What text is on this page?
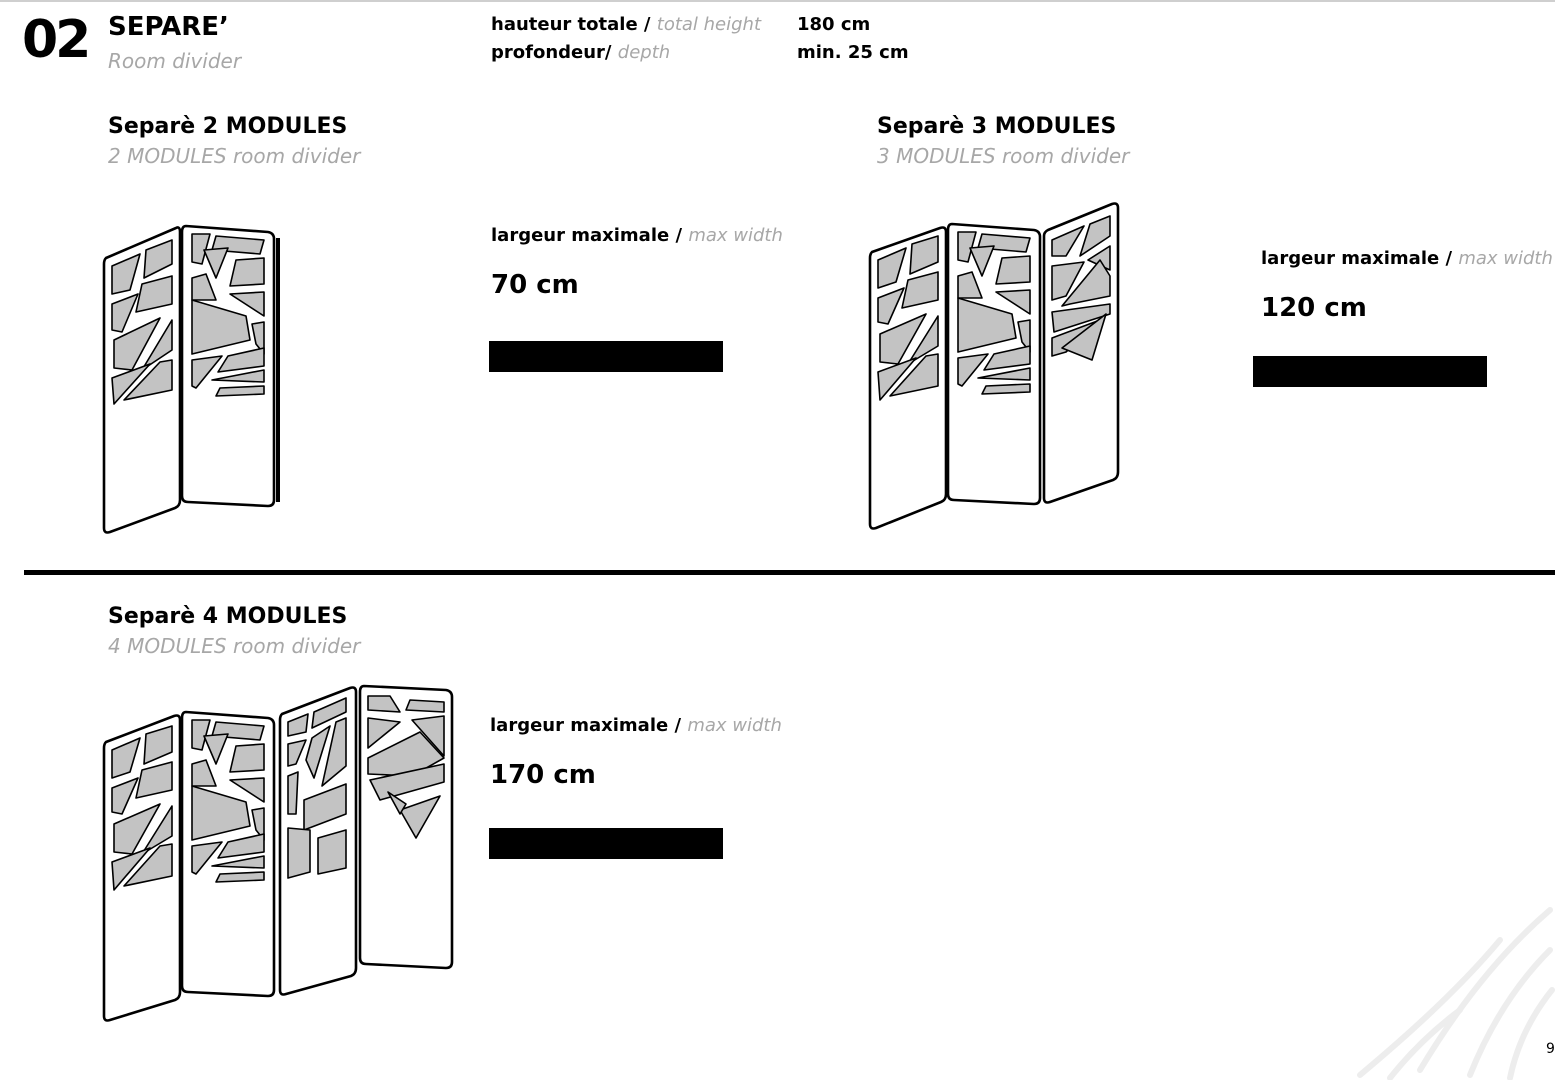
02 SEPARE’
Room divider
hauteur totale / total height 180 cm
profondeur/ depth	min. 25 cm
Separè 2 MODULES
2 MODULES room divider
largeur maximale / max width
70 cm
Separè 3 MODULES
3 MODULES room divider
largeur maximale / max width
120 cm
Separè 4 MODULES
4 MODULES room divider
largeur maximale / max width
170 cm
9
